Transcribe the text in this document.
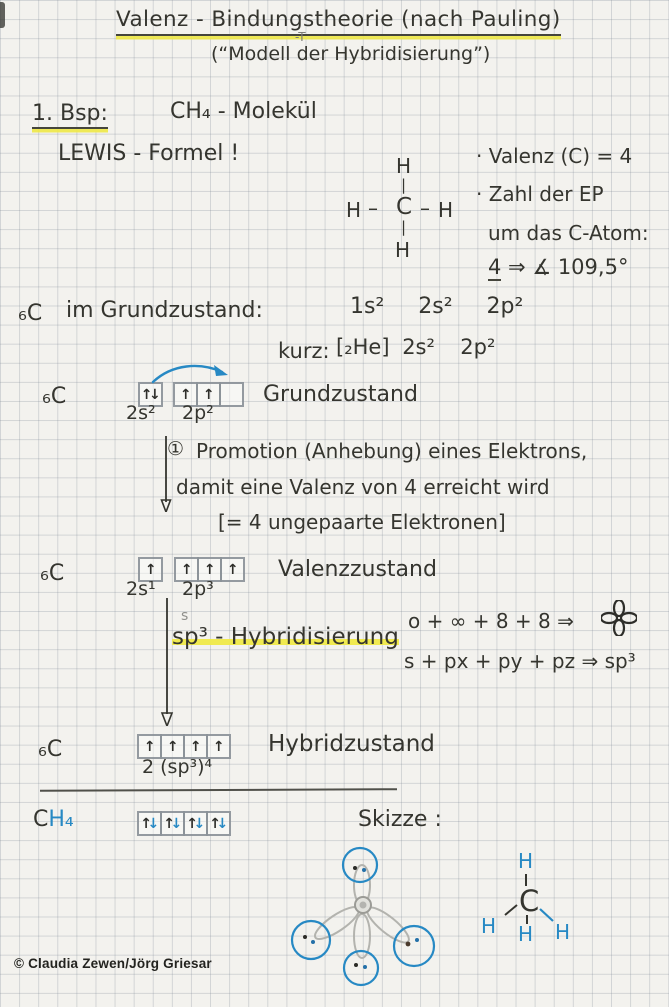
Valenz - Bindungstheorie (nach Pauling)
-T
(“Modell der Hybridisierung”)
1. Bsp:	CH₄ - Molekül
LEWIS - Formel !	H
|
H – C – H
|
H
· Valenz (C) = 4
· Zahl der EP
um das C-Atom:
4 ⇒ ∡ 109,5°
₆C im Grundzustand:	1s²  2s²  2p²
kurz: [₂He] 2s²  2p²
₆C	↑↓ ↑ ↑
2s² 2p²
Grundzustand
① Promotion (Anhebung) eines Elektrons,
damit eine Valenz von 4 erreicht wird
[= 4 ungepaarte Elektronen]
₆C	↑ ↑ ↑ ↑
2s¹ 2p³
Valenzzustand
s
sp³ - Hybridisierung
o + ∞ + 8 + 8 ⇒
s + px + py + pz ⇒ sp³
₆C	↑ ↑ ↑ ↑
2 (sp³)⁴
Hybridzustand
CH₄	↑ ↓ ↑ ↓ ↑ ↓ ↑ ↓	Skizze :
H
C
H H H
© Claudia Zewen/Jörg Griesar
